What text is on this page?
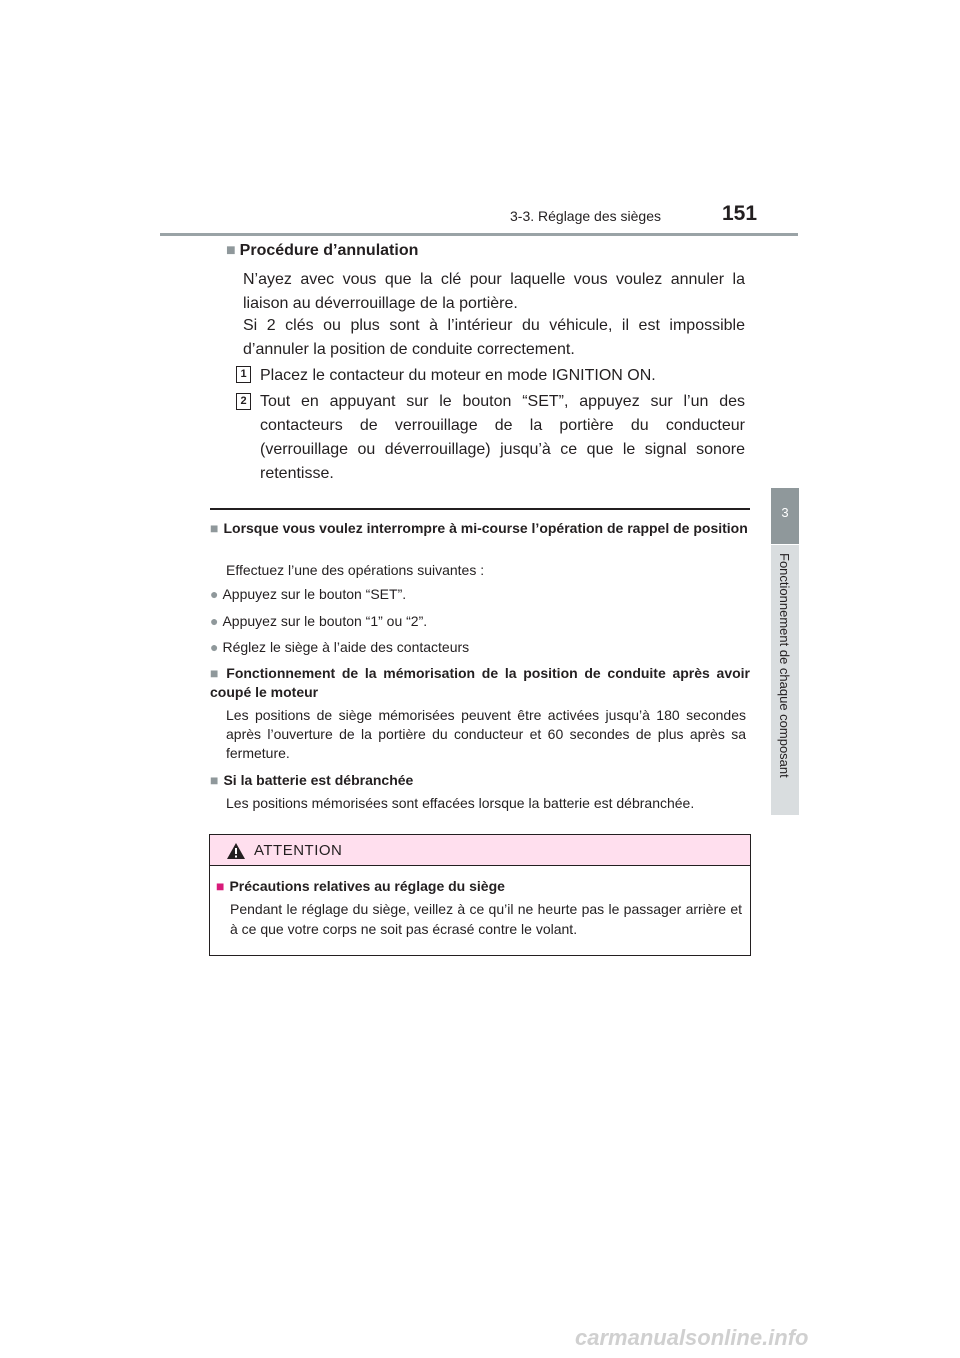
3-3. Réglage des sièges	151
3
Fonctionnement de chaque composant
■ Procédure d’annulation
N’ayez avec vous que la clé pour laquelle vous voulez annuler la liaison au déverrouillage de la portière.
Si 2 clés ou plus sont à l’intérieur du véhicule, il est impossible d’annuler la position de conduite correctement.
1 Placez le contacteur du moteur en mode IGNITION ON.
2 Tout en appuyant sur le bouton “SET”, appuyez sur l’un des contacteurs de verrouillage de la portière du conducteur (verrouillage ou déverrouillage) jusqu’à ce que le signal sonore retentisse.
■ Lorsque vous voulez interrompre à mi-course l’opération de rappel de position
Effectuez l’une des opérations suivantes :
● Appuyez sur le bouton “SET”.
● Appuyez sur le bouton “1” ou “2”.
● Réglez le siège à l’aide des contacteurs
■ Fonctionnement de la mémorisation de la position de conduite après avoir coupé le moteur
Les positions de siège mémorisées peuvent être activées jusqu’à 180 secondes après l’ouverture de la portière du conducteur et 60 secondes de plus après sa fermeture.
■ Si la batterie est débranchée
Les positions mémorisées sont effacées lorsque la batterie est débranchée.
ATTENTION
■ Précautions relatives au réglage du siège
Pendant le réglage du siège, veillez à ce qu’il ne heurte pas le passager arrière et à ce que votre corps ne soit pas écrasé contre le volant.
carmanualsonline.info
